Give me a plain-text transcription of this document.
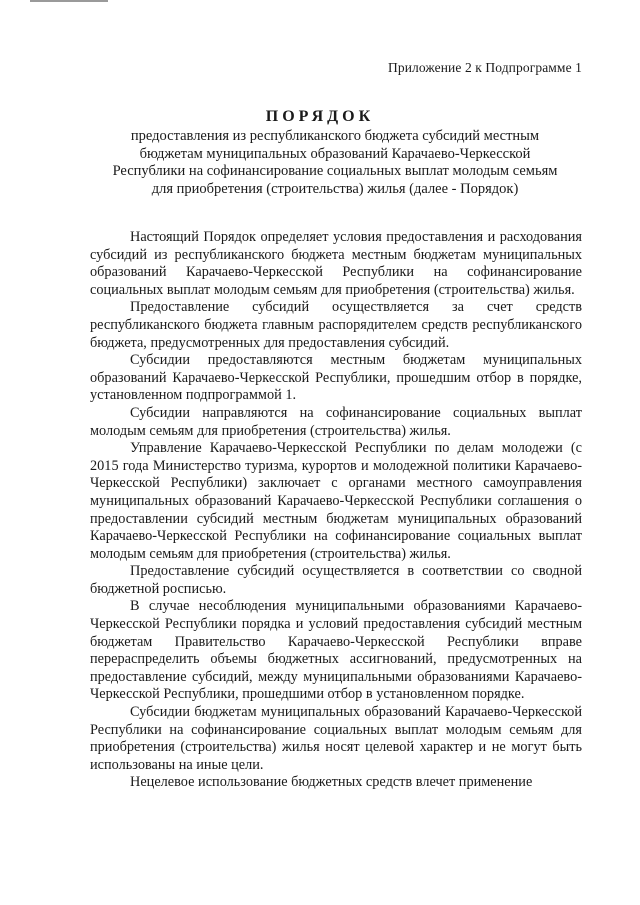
Приложение 2 к Подпрограмме 1
ПОРЯДОК
предоставления из республиканского бюджета субсидий местным бюджетам муниципальных образований Карачаево-Черкесской Республики на софинансирование социальных выплат молодым семьям для приобретения (строительства) жилья (далее - Порядок)

Настоящий Порядок определяет условия предоставления и расходования субсидий из республиканского бюджета местным бюджетам муниципальных образований Карачаево-Черкесской Республики на софинансирование социальных выплат молодым семьям для приобретения (строительства) жилья.

Предоставление субсидий осуществляется за счет средств республиканского бюджета главным распорядителем средств республиканского бюджета, предусмотренных для предоставления субсидий.

Субсидии предоставляются местным бюджетам муниципальных образований Карачаево-Черкесской Республики, прошедшим отбор в порядке, установленном подпрограммой 1.

Субсидии направляются на софинансирование социальных выплат молодым семьям для приобретения (строительства) жилья.

Управление Карачаево-Черкесской Республики по делам молодежи (с 2015 года Министерство туризма, курортов и молодежной политики Карачаево-Черкесской Республики) заключает с органами местного самоуправления муниципальных образований Карачаево-Черкесской Республики соглашения о предоставлении субсидий местным бюджетам муниципальных образований Карачаево-Черкесской Республики на софинансирование социальных выплат молодым семьям для приобретения (строительства) жилья.

Предоставление субсидий осуществляется в соответствии со сводной бюджетной росписью.

В случае несоблюдения муниципальными образованиями Карачаево-Черкесской Республики порядка и условий предоставления субсидий местным бюджетам Правительство Карачаево-Черкесской Республики вправе перераспределить объемы бюджетных ассигнований, предусмотренных на предоставление субсидий, между муниципальными образованиями Карачаево-Черкесской Республики, прошедшими отбор в установленном порядке.

Субсидии бюджетам муниципальных образований Карачаево-Черкесской Республики на софинансирование социальных выплат молодым семьям для приобретения (строительства) жилья носят целевой характер и не могут быть использованы на иные цели.

Нецелевое использование бюджетных средств влечет применение
